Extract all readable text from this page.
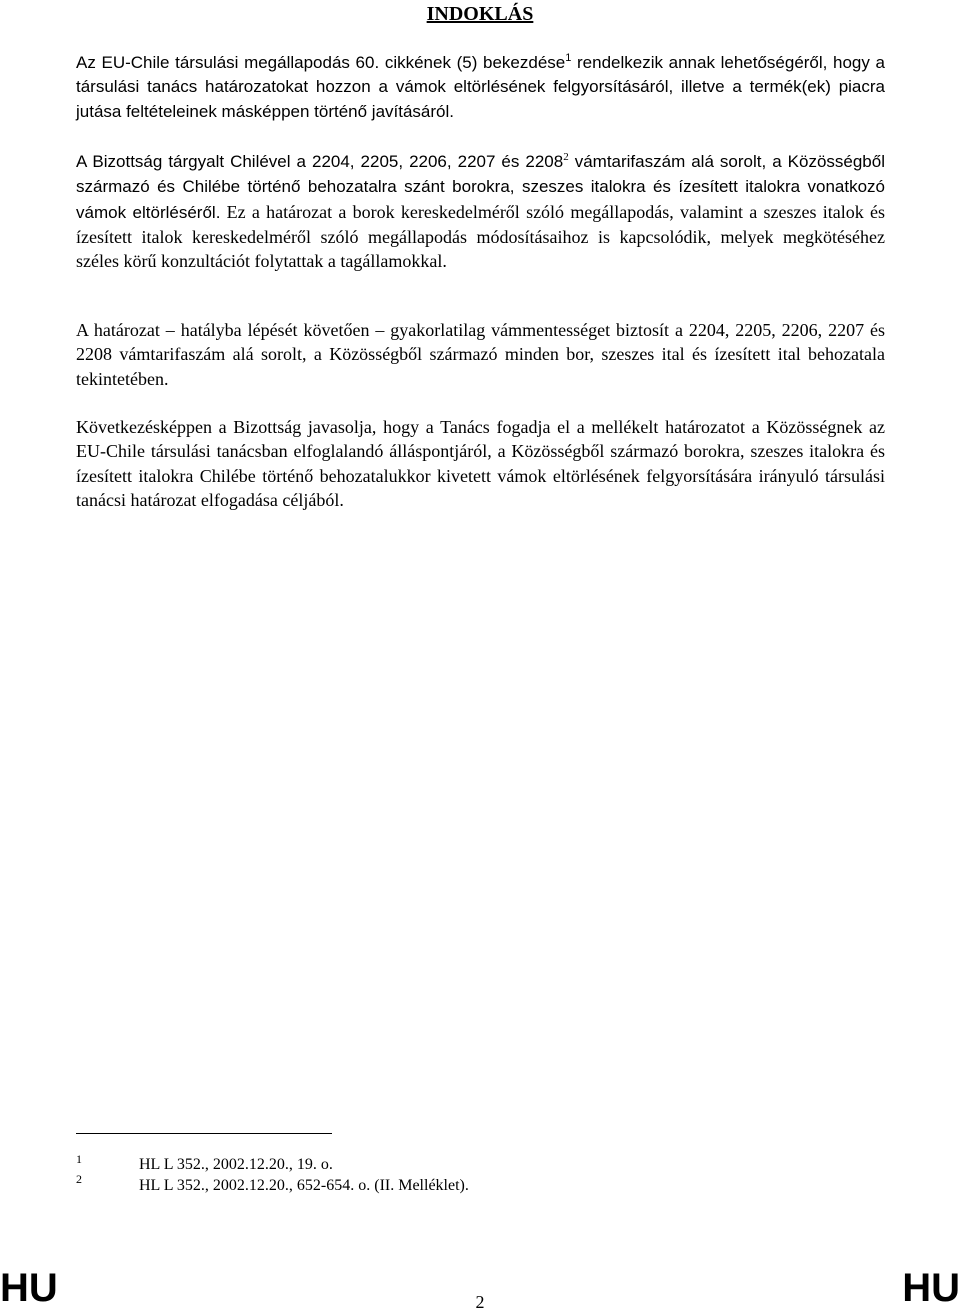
INDOKLÁS

Az EU-Chile társulási megállapodás 60. cikkének (5) bekezdése$^1$ rendelkezik annak lehetőségéről, hogy a társulási tanács határozatokat hozzon a vámok eltörlésének felgyorsításáról, illetve a termék(ek) piacra jutása feltételeinek másképpen történő javításáról.

A Bizottság tárgyalt Chilével a 2204, 2205, 2206, 2207 és 2208$^2$ vámtarifaszám alá sorolt, a Közösségből származó és Chilébe történő behozatalra szánt borokra, szeszes italokra és ízesített italokra vonatkozó vámok eltörléséről. Ez a határozat a borok kereskedelméről szóló megállapodás, valamint a szeszes italok és ízesített italok kereskedelméről szóló megállapodás módosításaihoz is kapcsolódik, melyek megkötéséhez széles körű konzultációt folytattak a tagállamokkal.

A határozat – hatályba lépését követően – gyakorlatilag vámmentességet biztosít a 2204, 2205, 2206, 2207 és 2208 vámtarifaszám alá sorolt, a Közösségből származó minden bor, szeszes ital és ízesített ital behozatala tekintetében.

Következésképpen a Bizottság javasolja, hogy a Tanács fogadja el a mellékelt határozatot a Közösségnek az EU-Chile társulási tanácsban elfoglalandó álláspontjáról, a Közösségből származó borokra, szeszes italokra és ízesített italokra Chilébe történő behozatalukkor kivetett vámok eltörlésének felgyorsítására irányuló társulási tanácsi határozat elfogadása céljából.

1	HL L 352., 2002.12.20., 19. o.
2	HL L 352., 2002.12.20., 652-654. o. (II. Melléklet).
HU	2	HU
